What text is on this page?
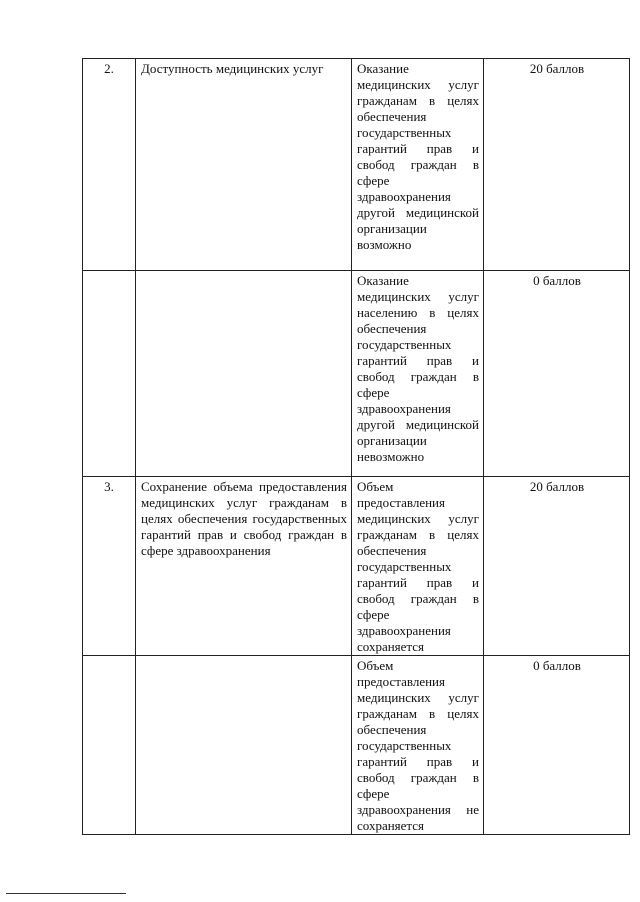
2.	Доступность медицинских услуг	Оказание медицинских услуг гражданам в целях обеспечения государственных гарантий прав и свобод граждан в сфере здравоохранения другой медицинской организации возможно	20 баллов

		Оказание медицинских услуг населению в целях обеспечения государственных гарантий прав и свобод граждан в сфере здравоохранения другой медицинской организации невозможно	0 баллов
3.	Сохранение объема предоставления медицинских услуг гражданам в целях обеспечения государственных гарантий прав и свобод граждан в сфере здравоохранения	Объем предоставления медицинских услуг гражданам в целях обеспечения государственных гарантий прав и свобод граждан в сфере здравоохранения сохраняется	20 баллов

		Объем предоставления медицинских услуг гражданам в целях обеспечения государственных гарантий прав и свобод граждан в сфере здравоохранения не сохраняется	0 баллов
